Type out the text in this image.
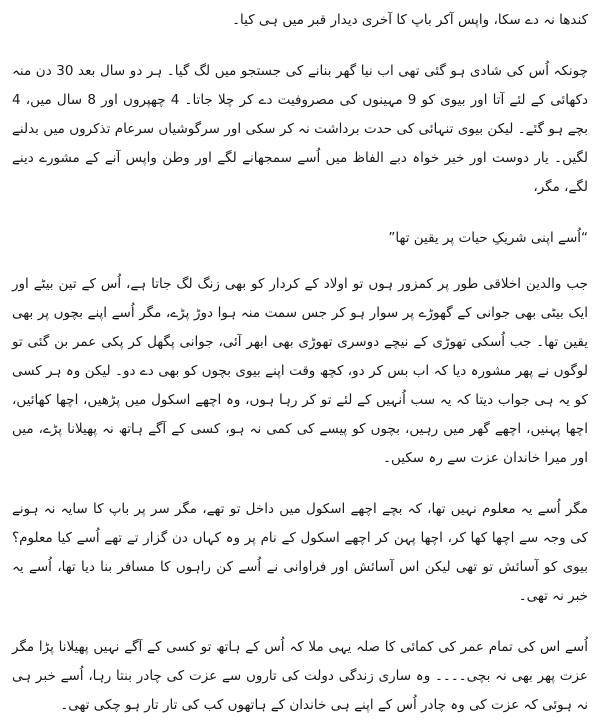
کندھا نہ دے سکا، واپس آکر باپ کا آخری دیدار قبر میں ہی کیا۔

چونکہ اُس کی شادی ہو گئی تھی اب نیا گھر بنانے کی جستجو میں لگ گیا۔ ہر دو سال بعد 30 دن منہ دکھائی کے لئے آتا اور بیوی کو 9 مہینوں کی مصروفیت دے کر چلا جاتا۔ 4 چھپروں اور 8 سال میں، 4 بچے ہو گئے۔ لیکن بیوی تنہائی کی حدت برداشت نہ کر سکی اور سرگوشیاں سرعام تذکروں میں بدلنے لگیں۔ یار دوست اور خیر خواہ دبے الفاظ میں اُسے سمجھانے لگے اور وطن واپس آنے کے مشورے دینے لگے، مگر،

“اُسے اپنی شریکِ حیات پر یقین تھا”

جب والدین اخلاقی طور پر کمزور ہوں تو اولاد کے کردار کو بھی زنگ لگ جاتا ہے، اُس کے تین بیٹے اور ایک بیٹی بھی جوانی کے گھوڑے پر سوار ہو کر جس سمت منہ ہوا دوڑ پڑے، مگر اُسے اپنے بچوں پر بھی یقین تھا۔ جب اُسکی تھوڑی کے نیچے دوسری تھوڑی بھی ابھر آئی، جوانی پگھل کر پکی عمر بن گئی تو لوگوں نے پھر مشورہ دیا کہ اب بس کر دو، کچھ وقت اپنے بیوی بچوں کو بھی دے دو۔ لیکن وہ ہر کسی کو یہ ہی جواب دیتا کہ یہ سب اُنہیں کے لئے تو کر رہا ہوں، وہ اچھے اسکول میں پڑھیں، اچھا کھائیں، اچھا پہنیں، اچھے گھر میں رہیں، بچوں کو پیسے کی کمی نہ ہو، کسی کے آگے ہاتھ نہ پھیلانا پڑے، میں اور میرا خاندان عزت سے رہ سکیں۔

مگر اُسے یہ معلوم نہیں تھا، کہ بچے اچھے اسکول میں داخل تو تھے، مگر سر پر باپ کا سایہ نہ ہونے کی وجہ سے اچھا کھا کر، اچھا پہن کر اچھے اسکول کے نام پر وہ کہاں دن گزار تے تھے اُسے کیا معلوم؟ بیوی کو آسائش تو تھی لیکن اس آسائش اور فراوانی نے اُسے کن راہوں کا مسافر بنا دیا تھا، اُسے یہ خبر نہ تھی۔

اُسے اس کی تمام عمر کی کمائی کا صلہ یہی ملا کہ اُس کے ہاتھ تو کسی کے آگے نہیں پھیلانا پڑا مگر عزت پھر بھی نہ بچی۔۔۔۔ وہ ساری زندگی دولت کی تاروں سے عزت کی چادر بنتا رہا، اُسے خبر ہی نہ ہوئی کہ عزت کی وہ چادر اُس کے اپنے ہی خاندان کے ہاتھوں کب کی تار تار ہو چکی تھی۔
